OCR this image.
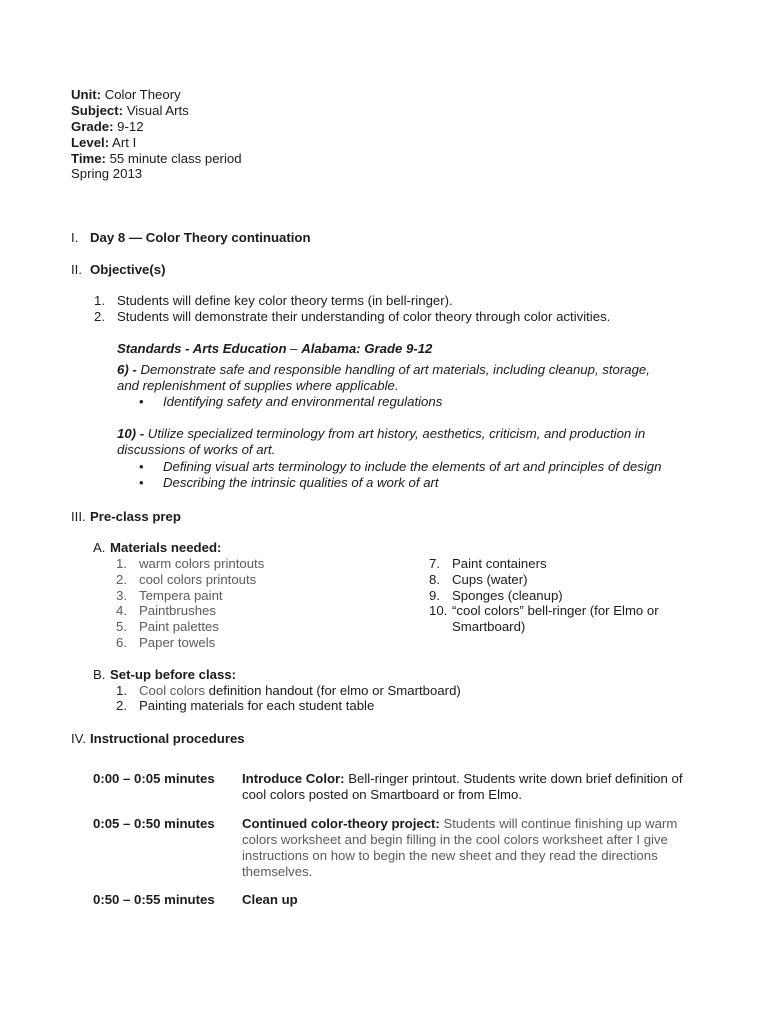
Unit: Color Theory
Subject: Visual Arts
Grade: 9-12
Level: Art I
Time: 55 minute class period
Spring 2013
I. Day 8 — Color Theory continuation
II. Objective(s)
1. Students will define key color theory terms (in bell-ringer).
2. Students will demonstrate their understanding of color theory through color activities.
Standards - Arts Education – Alabama: Grade 9-12
6) - Demonstrate safe and responsible handling of art materials, including cleanup, storage,
and replenishment of supplies where applicable.
• Identifying safety and environmental regulations
10) - Utilize specialized terminology from art history, aesthetics, criticism, and production in
discussions of works of art.
• Defining visual arts terminology to include the elements of art and principles of design
• Describing the intrinsic qualities of a work of art
III. Pre-class prep
A. Materials needed:
1. warm colors printouts
2. cool colors printouts
3. Tempera paint
4. Paintbrushes
5. Paint palettes
6. Paper towels
7. Paint containers
8. Cups (water)
9. Sponges (cleanup)
10. “cool colors” bell-ringer (for Elmo or
Smartboard)
B. Set-up before class:
1. Cool colors definition handout (for elmo or Smartboard)
2. Painting materials for each student table
IV. Instructional procedures
0:00 – 0:05 minutes Introduce Color: Bell-ringer printout. Students write down brief definition of cool colors posted on Smartboard or from Elmo.
0:05 – 0:50 minutes Continued color-theory project: Students will continue finishing up warm colors worksheet and begin filling in the cool colors worksheet after I give instructions on how to begin the new sheet and they read the directions themselves.
0:50 – 0:55 minutes Clean up
